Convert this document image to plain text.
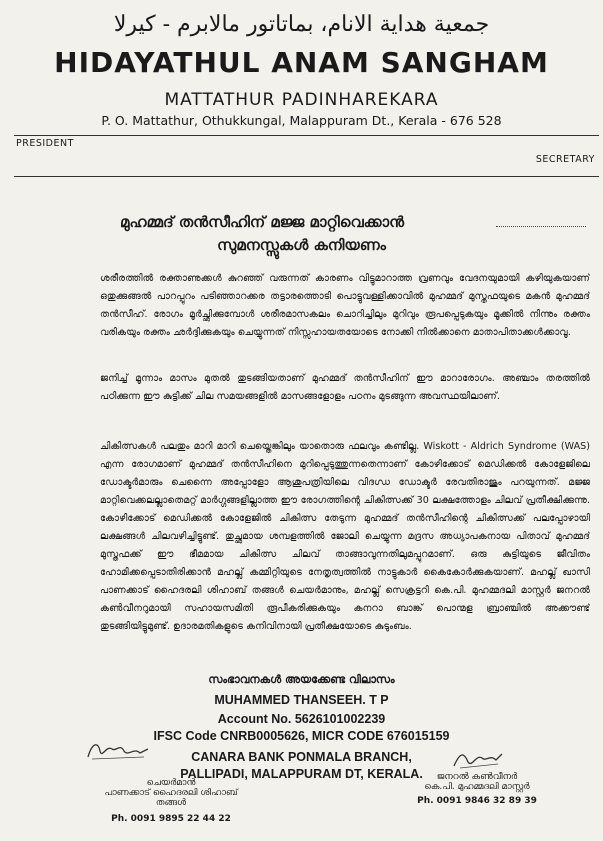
جمعية هداية الانام، بماتاتور مالابرم - كيرلا
HIDAYATHUL ANAM SANGHAM
MATTATHUR PADINHAREKARA
P. O. Mattathur, Othukkungal, Malappuram Dt., Kerala - 676 528
PRESIDENT
SECRETARY
മുഹമ്മദ് തൻസീഹിന് മജ്ജ മാറ്റിവെക്കാൻ
സുമനസ്സുകൾ കനിയണം
ശരീരത്തിൽ രക്താണുക്കൾ കുറഞ്ഞ് വരുന്നത് കാരണം വിട്ടുമാറാത്ത വ്രണവും വേദനയുമായി കഴിയുകയാണ് ഒതുക്കുങ്ങൽ പാറപ്പുറം പടിഞ്ഞാറക്കര തട്ടാരത്തൊടി പൊട്ടുവള്ളിക്കാവിൽ മുഹമ്മദ് മുസ്തഫയുടെ മകൻ മുഹമ്മദ് തൻസീഹ്. രോഗം മൂർച്ഛിക്കുമ്പോൾ ശരീരമാസകലം ചൊറിച്ചിലും മുറിവും രൂപപ്പെടുകയും മൂക്കിൽ നിന്നും രക്തം വരികയും രക്തം ഛർദ്ദിക്കുകയും ചെയ്യുന്നത് നിസ്സഹായതയോടെ നോക്കി നിൽക്കാനെ മാതാപിതാക്കൾക്കാവൂ.
ജനിച്ച് മൂന്നാം മാസം മുതൽ തുടങ്ങിയതാണ് മുഹമ്മദ് തൻസീഹിന് ഈ മാറാരോഗം. അഞ്ചാം തരത്തിൽ പഠിക്കുന്ന ഈ കുട്ടിക്ക് ചില സമയങ്ങളിൽ മാസങ്ങളോളം പഠനം മുടങ്ങുന്ന അവസ്ഥയിലാണ്.
ചികിത്സകൾ പലതും മാറി മാറി ചെയ്തെങ്കിലും യാതൊരു ഫലവും കണ്ടില്ല. Wiskott - Aldrich Syndrome (WAS) എന്ന രോഗമാണ് മുഹമ്മദ് തൻസീഹിനെ മുറിപ്പെടുത്തുന്നതെന്നാണ് കോഴിക്കോട് മെഡിക്കൽ കോളേജിലെ ഡോക്ടർമാരും ചെന്നൈ അപ്പോളോ ആശുപത്രിയിലെ വിദഗ്ധ ഡോക്ടർ രേവതിരാജും പറയുന്നത്. മജ്ജ മാറ്റിവെക്കലല്ലാതെമറ്റ് മാർഗ്ഗങ്ങളില്ലാത്ത ഈ രോഗത്തിന്റെ ചികിത്സക്ക് 30 ലക്ഷത്തോളം ചിലവ് പ്രതീക്ഷിക്കുന്നു. കോഴിക്കോട് മെഡിക്കൽ കോളേജിൽ ചികിത്സ തേടുന്ന മുഹമ്മദ് തൻസീഹിന്റെ ചികിത്സക്ക് പലപ്പോഴായി ലക്ഷങ്ങൾ ചിലവഴിച്ചിട്ടുണ്ട്. തുച്ഛമായ ശമ്പളത്തിൽ ജോലി ചെയ്യുന്ന മദ്രസ അധ്യാപകനായ പിതാവ് മുഹമ്മദ് മുസ്തഫക്ക് ഈ ഭീമമായ ചികിത്സ ചിലവ് താങ്ങാവുന്നതിലുമപ്പുറമാണ്. ഒരു കുട്ടിയുടെ ജീവിതം ഹോമിക്കപ്പെടാതിരിക്കാൻ മഹല്ല് കമ്മിറ്റിയുടെ നേതൃത്വത്തിൽ നാട്ടുകാർ കൈകോർക്കുകയാണ്. മഹല്ല് ഖാസി പാണക്കാട് ഹൈദരലി ശിഹാബ് തങ്ങൾ ചെയർമാനും, മഹല്ല് സെക്രട്ടറി കെ.പി. മുഹമ്മദലി മാസ്റ്റർ ജനറൽ കൺവീനറുമായി സഹായസമിതി രൂപീകരിക്കുകയും കനറാ ബാങ്ക് പൊന്മള ബ്രാഞ്ചിൽ അക്കൗണ്ട് തുടങ്ങിയിട്ടുമുണ്ട്. ഉദാരമതികളുടെ കനിവിനായി പ്രതീക്ഷയോടെ കുടുംബം.
സംഭാവനകൾ അയക്കേണ്ട വിലാസം
MUHAMMED THANSEEH. T P
Account No. 5626101002239
IFSC Code CNRB0005626, MICR CODE 676015159
CANARA BANK PONMALA BRANCH,
PALLIPADI, MALAPPURAM DT, KERALA.
ചെയർമാൻ
പാണക്കാട് ഹൈദരലി ശിഹാബ് തങ്ങൾ
Ph. 0091 9895 22 44 22
ജനറൽ കൺവീനർ
കെ.പി. മുഹമ്മദലി മാസ്റ്റർ
Ph. 0091 9846 32 89 39
